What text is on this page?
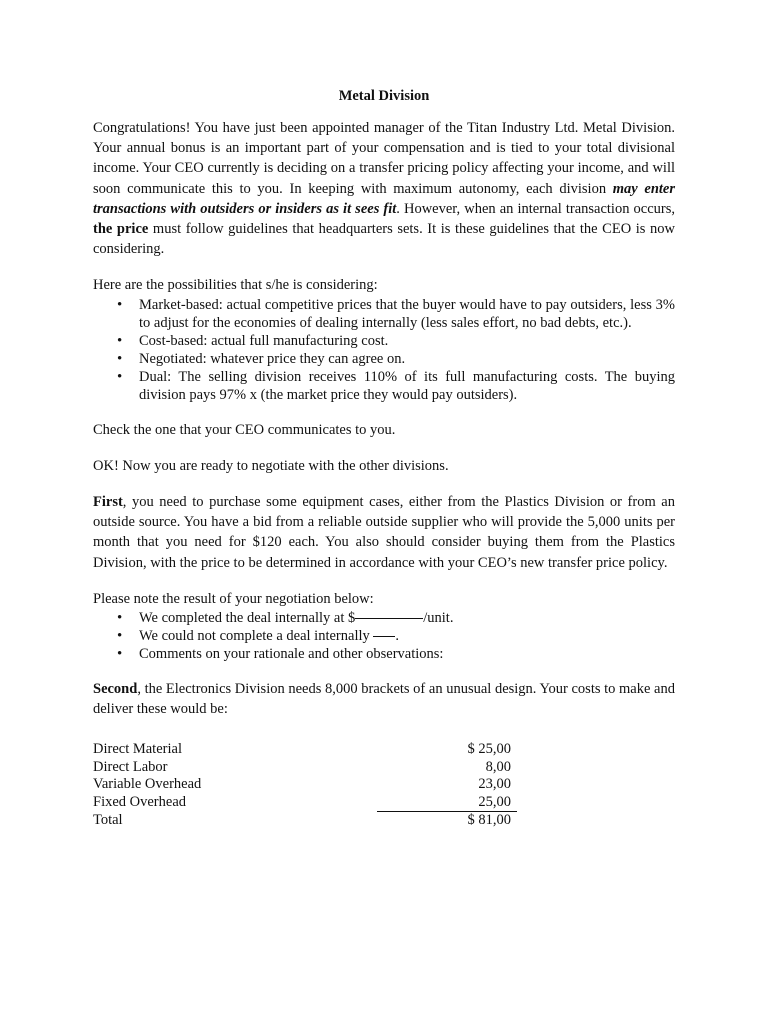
Metal Division

Congratulations! You have just been appointed manager of the Titan Industry Ltd. Metal Division. Your annual bonus is an important part of your compensation and is tied to your total divisional income. Your CEO currently is deciding on a transfer pricing policy affecting your income, and will soon communicate this to you. In keeping with maximum autonomy, each division may enter transactions with outsiders or insiders as it sees fit. However, when an internal transaction occurs, the price must follow guidelines that headquarters sets. It is these guidelines that the CEO is now considering.

Here are the possibilities that s/he is considering:

• Market-based: actual competitive prices that the buyer would have to pay outsiders, less 3% to adjust for the economies of dealing internally (less sales effort, no bad debts, etc.).
• Cost-based: actual full manufacturing cost.
• Negotiated: whatever price they can agree on.
• Dual: The selling division receives 110% of its full manufacturing costs. The buying division pays 97% x (the market price they would pay outsiders).

Check the one that your CEO communicates to you.

OK! Now you are ready to negotiate with the other divisions.

First, you need to purchase some equipment cases, either from the Plastics Division or from an outside source. You have a bid from a reliable outside supplier who will provide the 5,000 units per month that you need for $120 each. You also should consider buying them from the Plastics Division, with the price to be determined in accordance with your CEO’s new transfer price policy.

Please note the result of your negotiation below:

• We completed the deal internally at $	/unit.
• We could not complete a deal internally .
• Comments on your rationale and other observations:

Second, the Electronics Division needs 8,000 brackets of an unusual design. Your costs to make and deliver these would be:

Direct Material	$ 25,00
Direct Labor	8,00
Variable Overhead	23,00
Fixed Overhead	25,00
Total	$ 81,00
